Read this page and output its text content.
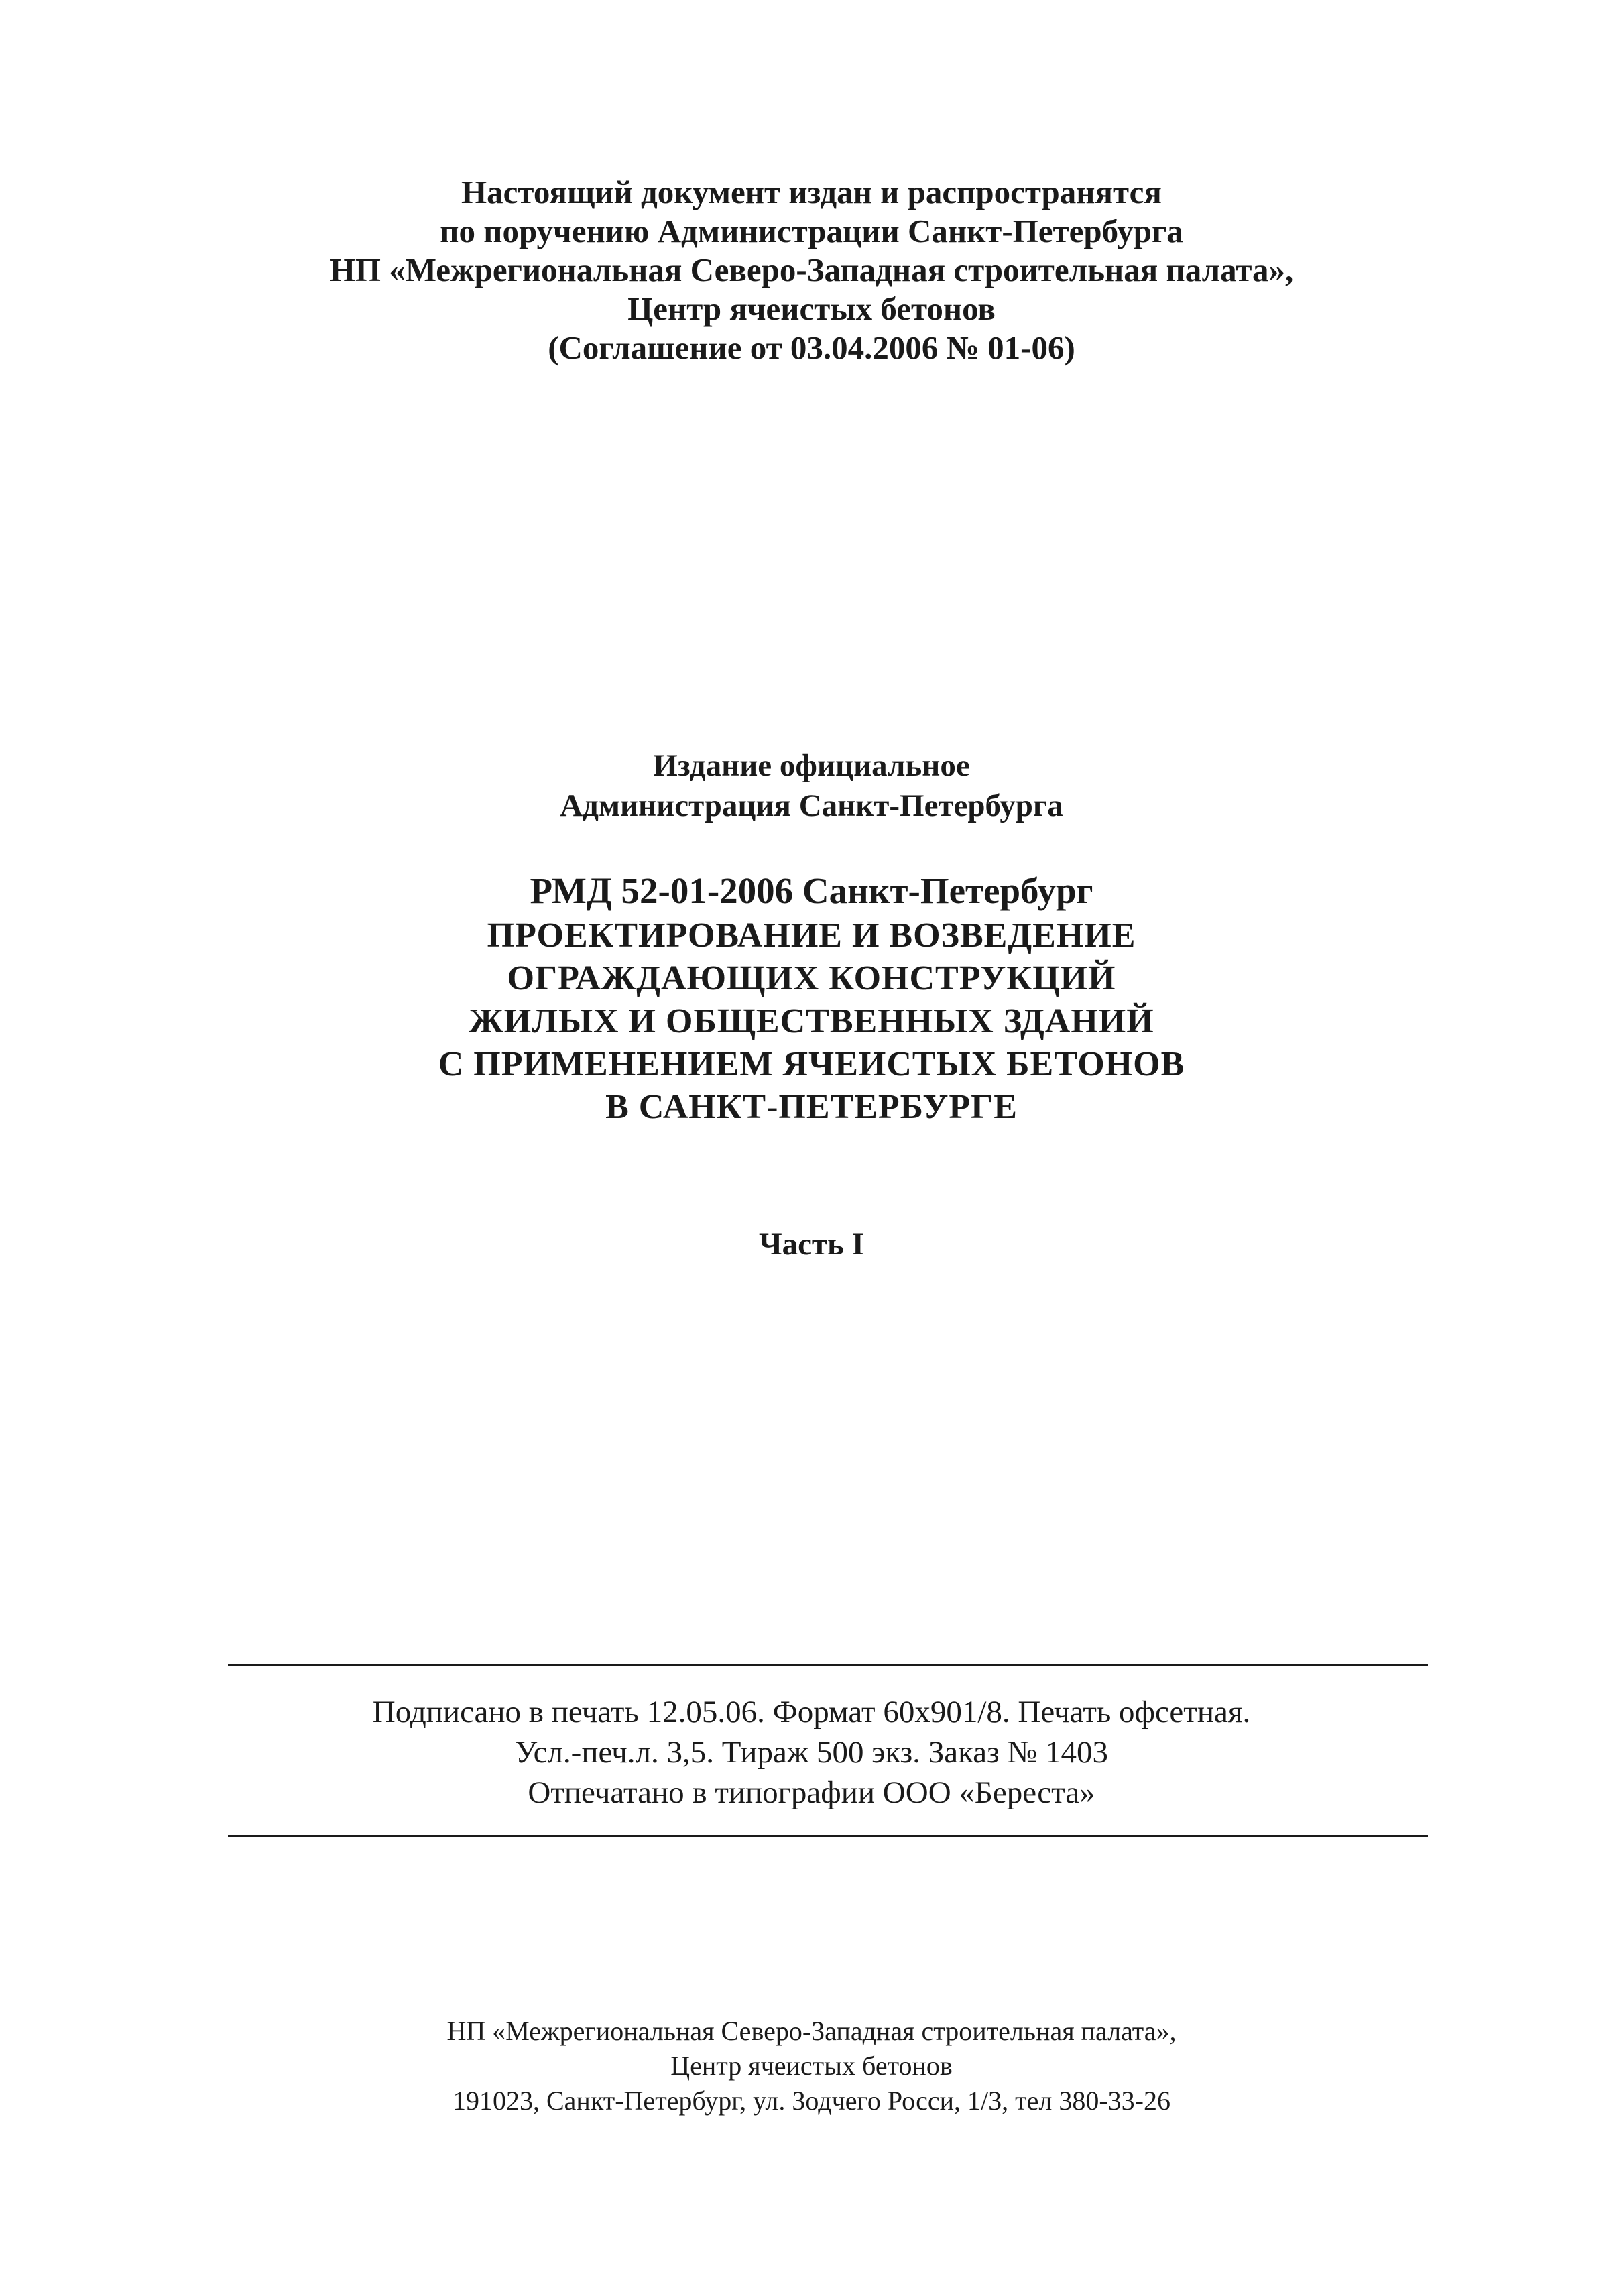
Настоящий документ издан и распространятся
по поручению Администрации Санкт-Петербурга
НП «Межрегиональная Северо-Западная строительная палата»,
Центр ячеистых бетонов
(Соглашение от 03.04.2006 № 01-06)
Издание официальное
Администрация Санкт-Петербурга
РМД 52-01-2006 Санкт-Петербург
ПРОЕКТИРОВАНИЕ И ВОЗВЕДЕНИЕ
ОГРАЖДАЮЩИХ КОНСТРУКЦИЙ
ЖИЛЫХ И ОБЩЕСТВЕННЫХ ЗДАНИЙ
С ПРИМЕНЕНИЕМ ЯЧЕИСТЫХ БЕТОНОВ
В САНКТ-ПЕТЕРБУРГЕ
Часть I
Подписано в печать 12.05.06. Формат 60x901/8. Печать офсетная.
Усл.-печ.л. 3,5. Тираж 500 экз. Заказ № 1403
Отпечатано в типографии ООО «Береста»
НП «Межрегиональная Северо-Западная строительная палата»,
Центр ячеистых бетонов
191023, Санкт-Петербург, ул. Зодчего Росси, 1/3, тел 380-33-26
